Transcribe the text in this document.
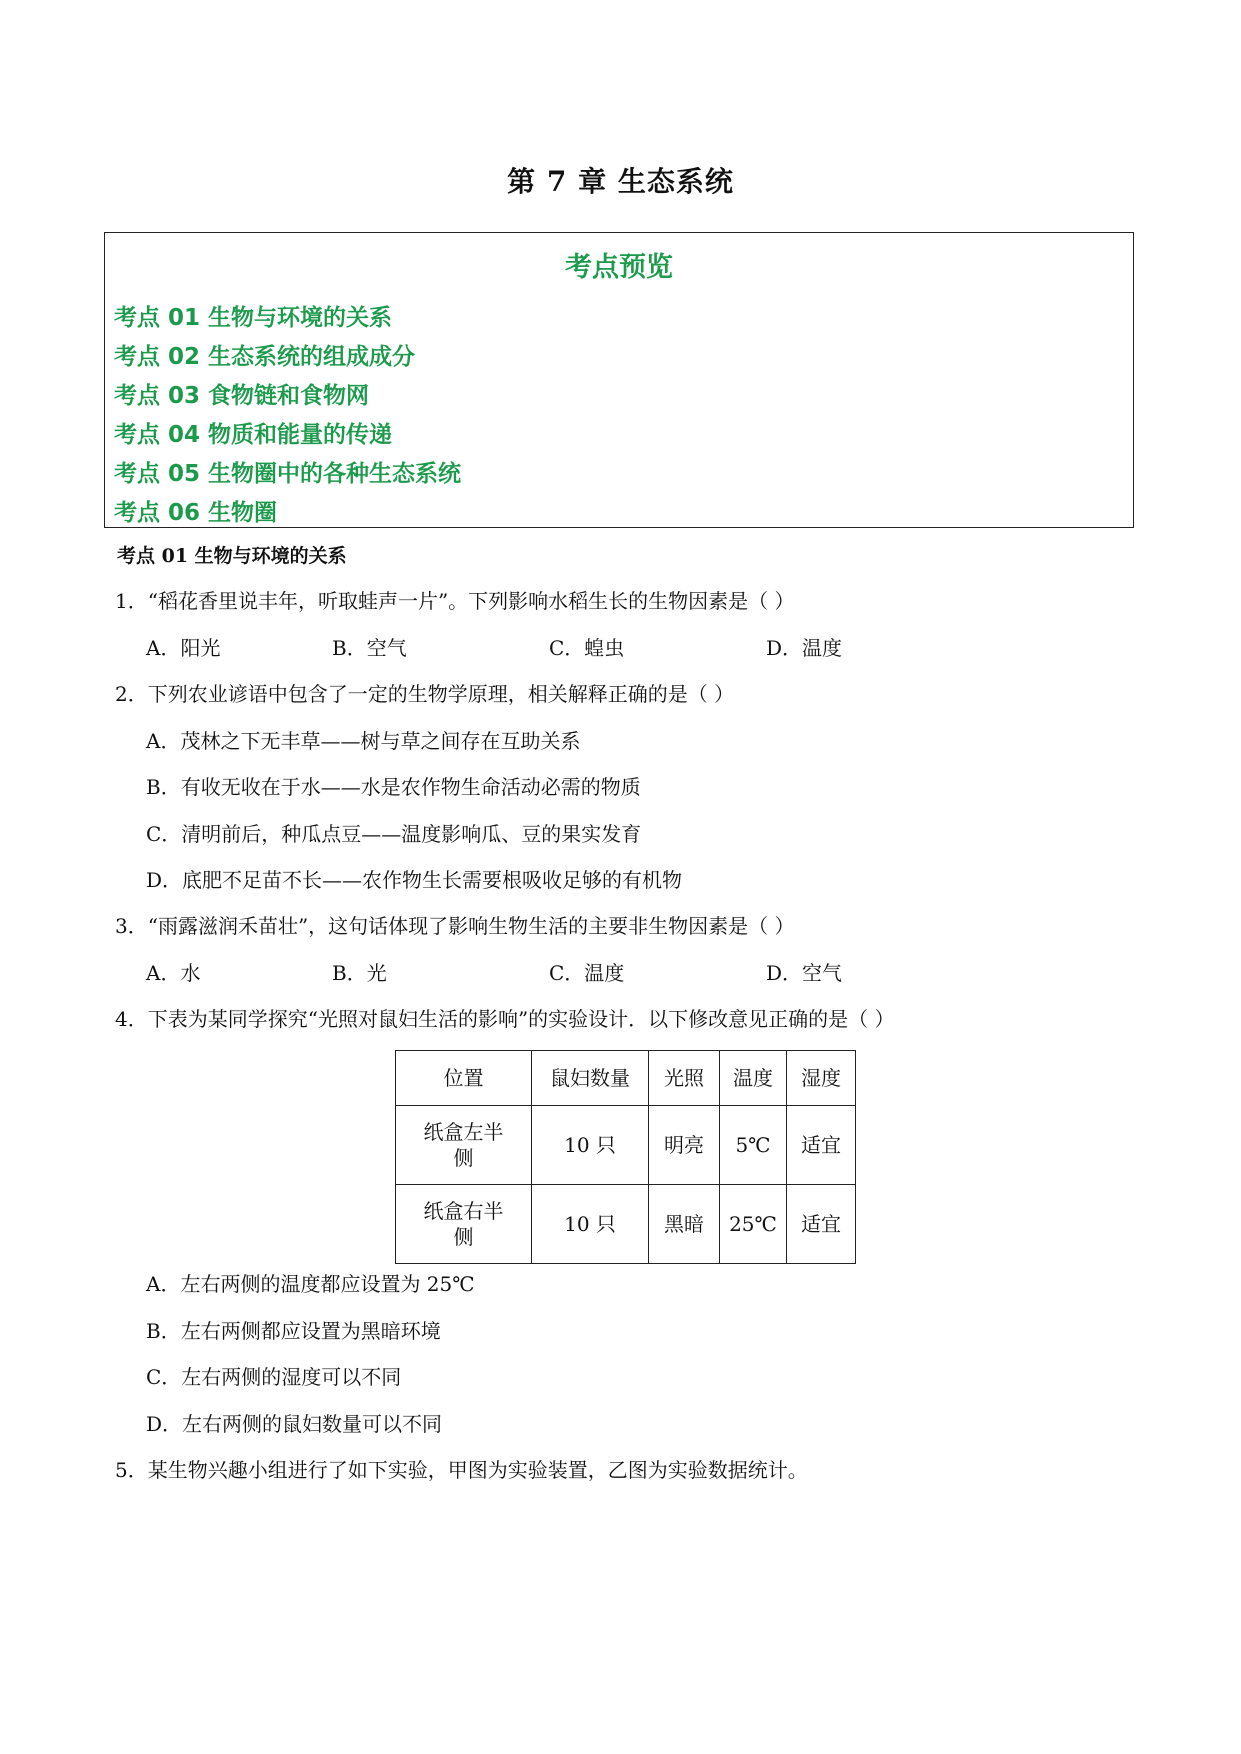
第 7 章 生态系统
考点预览
考点 01 生物与环境的关系
考点 02 生态系统的组成成分
考点 03 食物链和食物网
考点 04 物质和能量的传递
考点 05 生物圈中的各种生态系统
考点 06 生物圈
考点 01 生物与环境的关系
1．“稻花香里说丰年，听取蛙声一片”。下列影响水稻生长的生物因素是（ ）
A．阳光	B．空气	C．蝗虫	D．温度
2．下列农业谚语中包含了一定的生物学原理，相关解释正确的是（ ）
A．茂林之下无丰草——树与草之间存在互助关系
B．有收无收在于水——水是农作物生命活动必需的物质
C．清明前后，种瓜点豆——温度影响瓜、豆的果实发育
D．底肥不足苗不长——农作物生长需要根吸收足够的有机物
3．“雨露滋润禾苗壮”，这句话体现了影响生物生活的主要非生物因素是（ ）
A．水	B．光	C．温度	D．空气
4．下表为某同学探究“光照对鼠妇生活的影响”的实验设计．以下修改意见正确的是（ ）
位置	鼠妇数量	光照	温度	湿度
纸盒左半侧	10 只	明亮	5℃	适宜
纸盒右半侧	10 只	黑暗	25℃	适宜
A．左右两侧的温度都应设置为 25℃
B．左右两侧都应设置为黑暗环境
C．左右两侧的湿度可以不同
D．左右两侧的鼠妇数量可以不同
5．某生物兴趣小组进行了如下实验，甲图为实验装置，乙图为实验数据统计。
